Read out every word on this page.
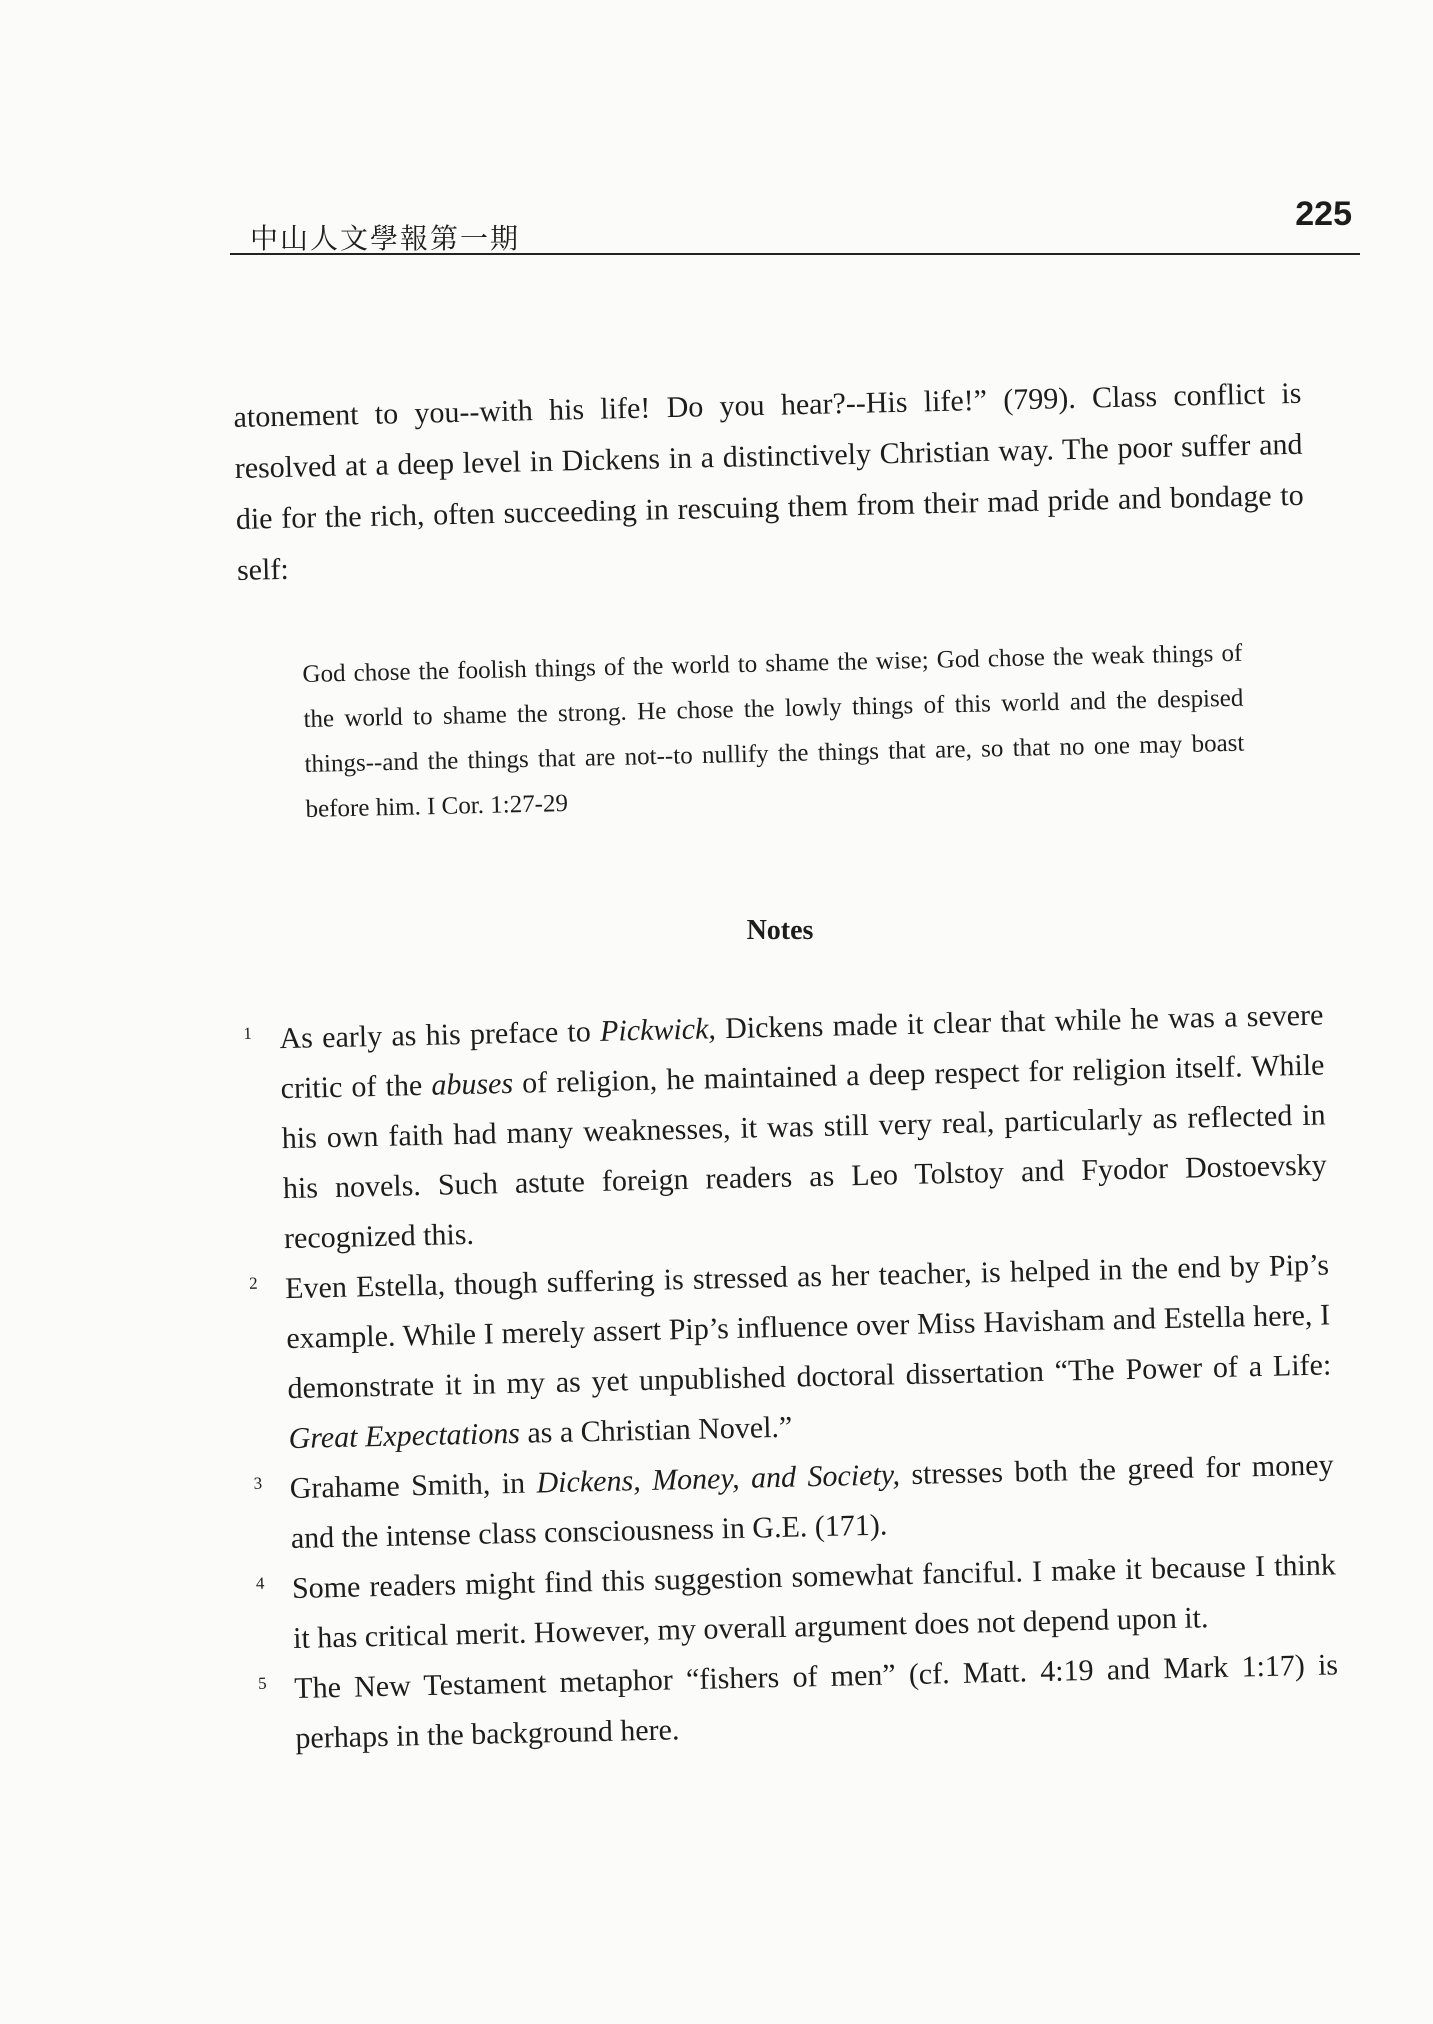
中山人文學報第一期
225

atonement to you--with his life! Do you hear?--His life!” (799). Class conflict is resolved at a deep level in Dickens in a distinctively Christian way. The poor suffer and die for the rich, often succeeding in rescuing them from their mad pride and bondage to self:

God chose the foolish things of the world to shame the wise; God chose the weak things of the world to shame the strong. He chose the lowly things of this world and the despised things--and the things that are not--to nullify the things that are, so that no one may boast before him. I Cor. 1:27-29

Notes
1 As early as his preface to Pickwick, Dickens made it clear that while he was a severe critic of the abuses of religion, he maintained a deep respect for religion itself. While his own faith had many weaknesses, it was still very real, particularly as reflected in his novels. Such astute foreign readers as Leo Tolstoy and Fyodor Dostoevsky recognized this.
2 Even Estella, though suffering is stressed as her teacher, is helped in the end by Pip’s example. While I merely assert Pip’s influence over Miss Havisham and Estella here, I demonstrate it in my as yet unpublished doctoral dissertation “The Power of a Life: Great Expectations as a Christian Novel.”
3 Grahame Smith, in Dickens, Money, and Society, stresses both the greed for money and the intense class consciousness in G.E. (171).
4 Some readers might find this suggestion somewhat fanciful. I make it because I think it has critical merit. However, my overall argument does not depend upon it.
5 The New Testament metaphor “fishers of men” (cf. Matt. 4:19 and Mark 1:17) is perhaps in the background here.
